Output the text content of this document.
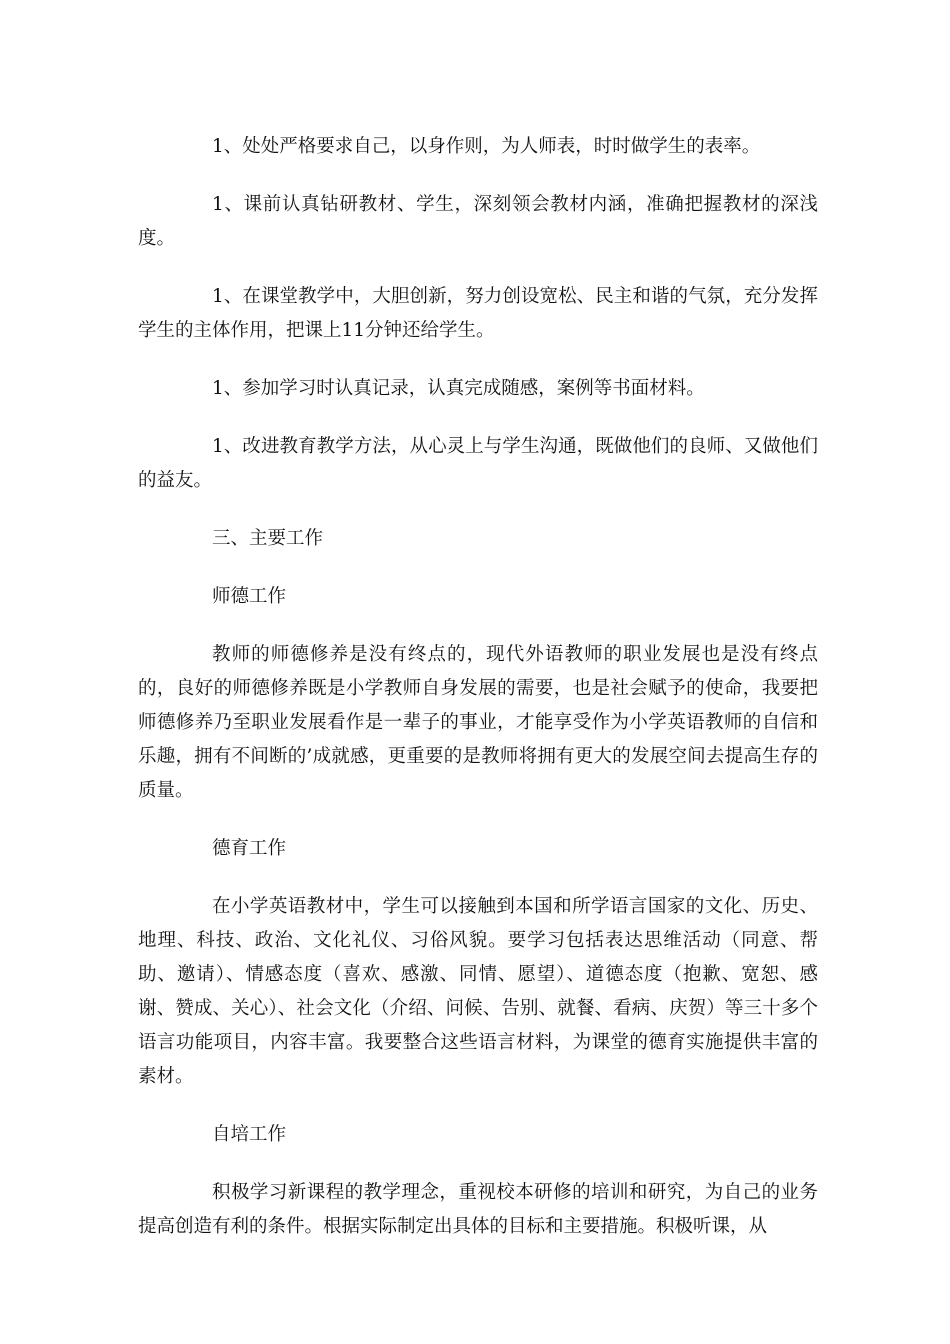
1、处处严格要求自己，以身作则，为人师表，时时做学生的表率。

1、课前认真钻研教材、学生，深刻领会教材内涵，准确把握教材的深浅度。

1、在课堂教学中，大胆创新，努力创设宽松、民主和谐的气氛，充分发挥学生的主体作用，把课上11分钟还给学生。

1、参加学习时认真记录，认真完成随感，案例等书面材料。

1、改进教育教学方法，从心灵上与学生沟通，既做他们的良师、又做他们的益友。

三、主要工作

师德工作

教师的师德修养是没有终点的，现代外语教师的职业发展也是没有终点的，良好的师德修养既是小学教师自身发展的需要，也是社会赋予的使命，我要把师德修养乃至职业发展看作是一辈子的事业，才能享受作为小学英语教师的自信和乐趣，拥有不间断的’成就感，更重要的是教师将拥有更大的发展空间去提高生存的质量。

德育工作

在小学英语教材中，学生可以接触到本国和所学语言国家的文化、历史、地理、科技、政治、文化礼仪、习俗风貌。要学习包括表达思维活动（同意、帮助、邀请）、情感态度（喜欢、感激、同情、愿望）、道德态度（抱歉、宽恕、感谢、赞成、关心）、社会文化（介绍、问候、告别、就餐、看病、庆贺）等三十多个语言功能项目，内容丰富。我要整合这些语言材料，为课堂的德育实施提供丰富的素材。

自培工作

积极学习新课程的教学理念，重视校本研修的培训和研究，为自己的业务提高创造有利的条件。根据实际制定出具体的目标和主要措施。积极听课，从
